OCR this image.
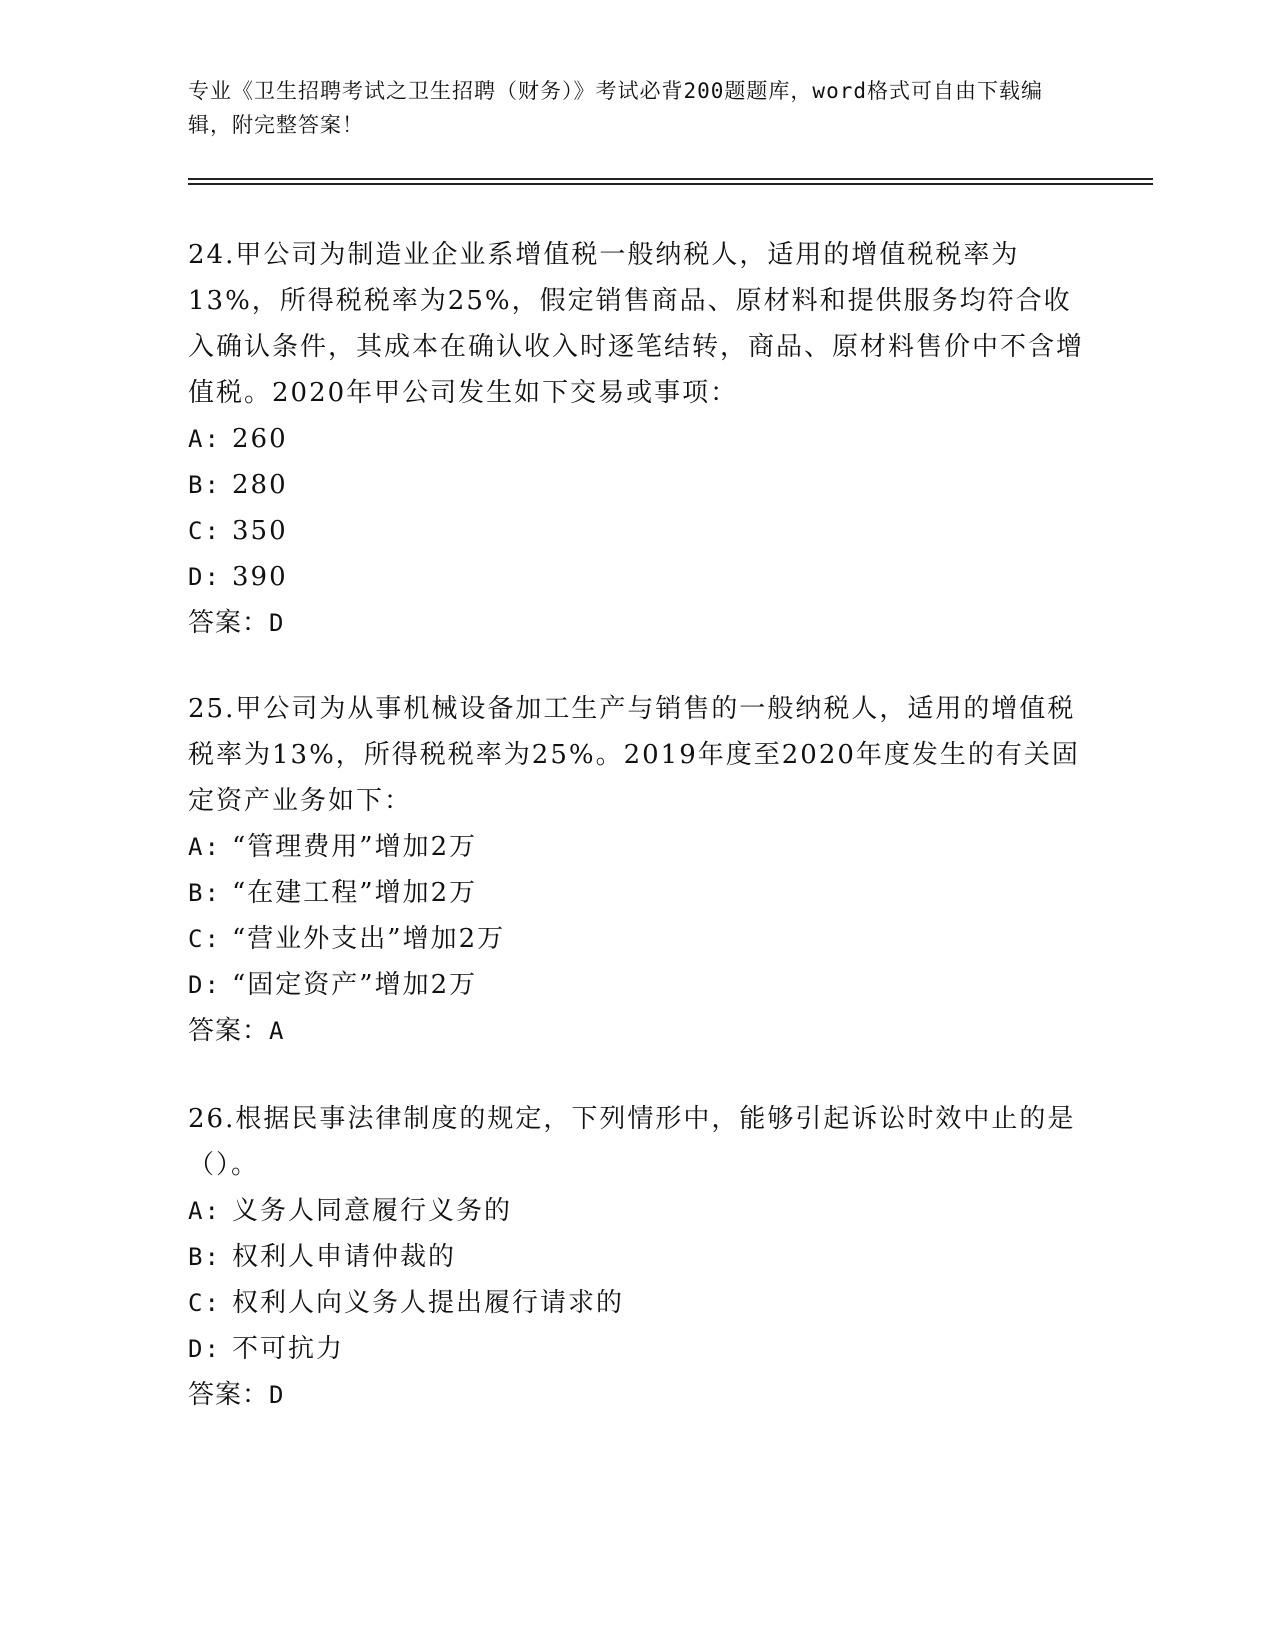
专业《卫生招聘考试之卫生招聘（财务）》考试必背200题题库，word格式可自由下载编辑，附完整答案！

24.甲公司为制造业企业系增值税一般纳税人，适用的增值税税率为13%，所得税税率为25%，假定销售商品、原材料和提供服务均符合收入确认条件，其成本在确认收入时逐笔结转，商品、原材料售价中不含增值税。2020年甲公司发生如下交易或事项：

A: 260
B: 280
C: 350
D: 390
答案：D

25.甲公司为从事机械设备加工生产与销售的一般纳税人，适用的增值税税率为13%，所得税税率为25%。2019年度至2020年度发生的有关固定资产业务如下：

A: “管理费用”增加2万
B: “在建工程”增加2万
C: “营业外支出”增加2万
D: “固定资产”增加2万
答案：A

26.根据民事法律制度的规定，下列情形中，能够引起诉讼时效中止的是（）。

A: 义务人同意履行义务的
B: 权利人申请仲裁的
C: 权利人向义务人提出履行请求的
D: 不可抗力
答案：D
